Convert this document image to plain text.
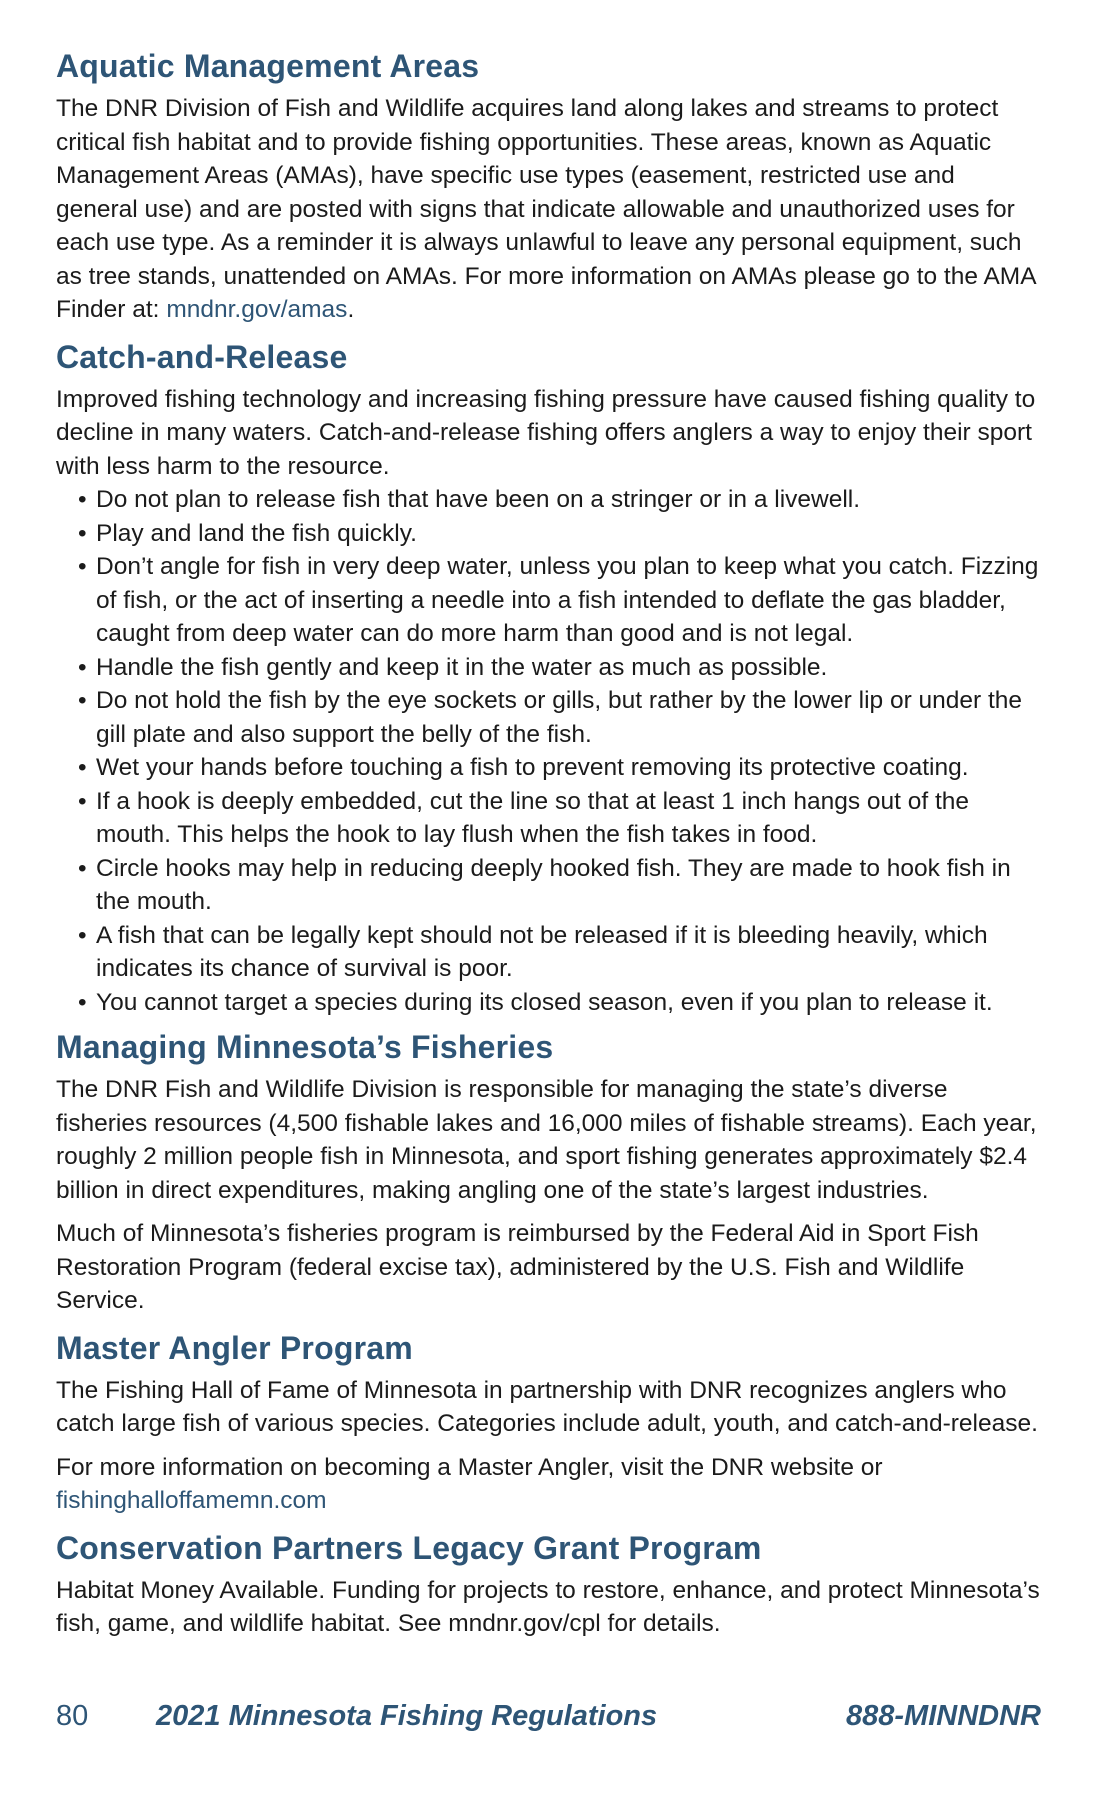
Aquatic Management Areas

The DNR Division of Fish and Wildlife acquires land along lakes and streams to protect critical fish habitat and to provide fishing opportunities. These areas, known as Aquatic Management Areas (AMAs), have specific use types (easement, restricted use and general use) and are posted with signs that indicate allowable and unauthorized uses for each use type. As a reminder it is always unlawful to leave any personal equipment, such as tree stands, unattended on AMAs. For more information on AMAs please go to the AMA Finder at: mndnr.gov/amas.

Catch-and-Release

Improved fishing technology and increasing fishing pressure have caused fishing quality to decline in many waters. Catch-and-release fishing offers anglers a way to enjoy their sport with less harm to the resource.

• Do not plan to release fish that have been on a stringer or in a livewell.
• Play and land the fish quickly.
• Don’t angle for fish in very deep water, unless you plan to keep what you catch. Fizzing of fish, or the act of inserting a needle into a fish intended to deflate the gas bladder, caught from deep water can do more harm than good and is not legal.
• Handle the fish gently and keep it in the water as much as possible.
• Do not hold the fish by the eye sockets or gills, but rather by the lower lip or under the gill plate and also support the belly of the fish.
• Wet your hands before touching a fish to prevent removing its protective coating.
• If a hook is deeply embedded, cut the line so that at least 1 inch hangs out of the mouth. This helps the hook to lay flush when the fish takes in food.
• Circle hooks may help in reducing deeply hooked fish. They are made to hook fish in the mouth.
• A fish that can be legally kept should not be released if it is bleeding heavily, which indicates its chance of survival is poor.
• You cannot target a species during its closed season, even if you plan to release it.
Managing Minnesota’s Fisheries

The DNR Fish and Wildlife Division is responsible for managing the state’s diverse fisheries resources (4,500 fishable lakes and 16,000 miles of fishable streams). Each year, roughly 2 million people fish in Minnesota, and sport fishing generates approximately $2.4 billion in direct expenditures, making angling one of the state’s largest industries.

Much of Minnesota’s fisheries program is reimbursed by the Federal Aid in Sport Fish Restoration Program (federal excise tax), administered by the U.S. Fish and Wildlife Service.

Master Angler Program

The Fishing Hall of Fame of Minnesota in partnership with DNR recognizes anglers who catch large fish of various species. Categories include adult, youth, and catch-and-release.

For more information on becoming a Master Angler, visit the DNR website or
fishinghalloffamemn.com

Conservation Partners Legacy Grant Program

Habitat Money Available. Funding for projects to restore, enhance, and protect Minnesota’s fish, game, and wildlife habitat. See mndnr.gov/cpl for details.

80 2021 Minnesota Fishing Regulations	888-MINNDNR
